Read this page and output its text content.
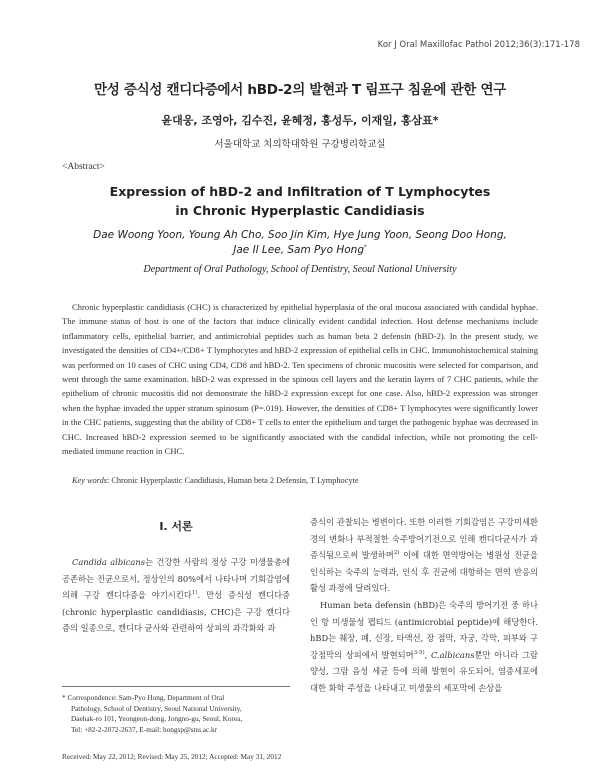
Kor J Oral Maxillofac Pathol 2012;36(3):171-178
만성 증식성 캔디다증에서 hBD-2의 발현과 T 림프구 침윤에 관한 연구
윤대웅, 조영아, 김수진, 윤혜정, 홍성두, 이재일, 홍삼표*
서울대학교 치의학대학원 구강병리학교실
<Abstract>
Expression of hBD-2 and Infiltration of T Lymphocytes
in Chronic Hyperplastic Candidiasis
Dae Woong Yoon, Young Ah Cho, Soo Jin Kim, Hye Jung Yoon, Seong Doo Hong,
Jae Il Lee, Sam Pyo Hong*
Department of Oral Pathology, School of Dentistry, Seoul National University
Chronic hyperplastic candidiasis (CHC) is characterized by epithelial hyperplasia of the oral mucosa associated with candidal hyphae. The immune status of host is one of the factors that induce clinically evident candidal infection. Host defense mechanisms include inflammatory cells, epithelial barrier, and antimicrobial peptides such as human beta 2 defensin (hBD-2). In the present study, we investigated the densities of CD4+/CD8+ T lymphocytes and hBD-2 expression of epithelial cells in CHC. Immunohistochemical staining was performed on 10 cases of CHC using CD4, CD8 and hBD-2. Ten specimens of chronic mucositis were selected for comparison, and went through the same examination. hBD-2 was expressed in the spinous cell layers and the keratin layers of 7 CHC patients, while the epithelium of chronic mucositis did not demonstrate the hBD-2 expression except for one case. Also, hBD-2 expression was stronger when the hyphae invaded the upper stratum spinosum (P=.019). However, the densities of CD8+ T lymphocytes were significantly lower in the CHC patients, suggesting that the ability of CD8+ T cells to enter the epithelium and target the pathogenic hyphae was decreased in CHC. Increased hBD-2 expression seemed to be significantly associated with the candidal infection, while not promoting the cell-mediated immune reaction in CHC.
Key words: Chronic Hyperplastic Candidiasis, Human beta 2 Defensin, T Lymphocyte
Ⅰ. 서론

Candida albicans는 건강한 사람의 정상 구강 미생물총에 공존하는 진균으로서, 정상인의 80%에서 나타나며 기회감염에 의해 구강 캔디다증을 야기시킨다$^{1)}$. 만성 증식성 캔디다증(chronic hyperplastic candidiasis, CHC)은 구강 캔디다증의 일종으로, 캔디다 균사와 관련하여 상피의 과각화와 과

증식이 관찰되는 병변이다. 또한 이러한 기회감염은 구강미세환경의 변화나 부적절한 숙주방어기전으로 인해 캔디다균사가 과증식됨으로써 발생하며$^{2)}$ 이에 대한 면역방어는 병원성 진균을 인식하는 숙주의 능력과, 인식 후 진균에 대항하는 면역 반응의 활성 과정에 달려있다.

Human beta defensin (hBD)은 숙주의 방어기전 중 하나인 항 미생물성 펩티드 (antimicrobial peptide)에 해당한다. hBD는 췌장, 폐, 신장, 타액선, 장 점막, 자궁, 각막, 피부와 구강점막의 상피에서 발현되며$^{3-5)}$, C.albicans뿐만 아니라 그람 양성, 그람 음성 세균 등에 의해 발현이 유도되어, 염증세포에 대한 화학 주성을 나타내고 미생물의 세포막에 손상을

* Correspondence: Sam-Pyo Hong, Department of Oral
Pathology, School of Dentistry, Seoul National University,
Daehak-ro 101, Yeongeon-dong, Jongno-gu, Seoul, Korea,
Tel: +82-2-2072-2637, E-mail: hongsp@snu.ac.kr
Received: May 22, 2012; Revised: May 25, 2012; Accepted: May 31, 2012
